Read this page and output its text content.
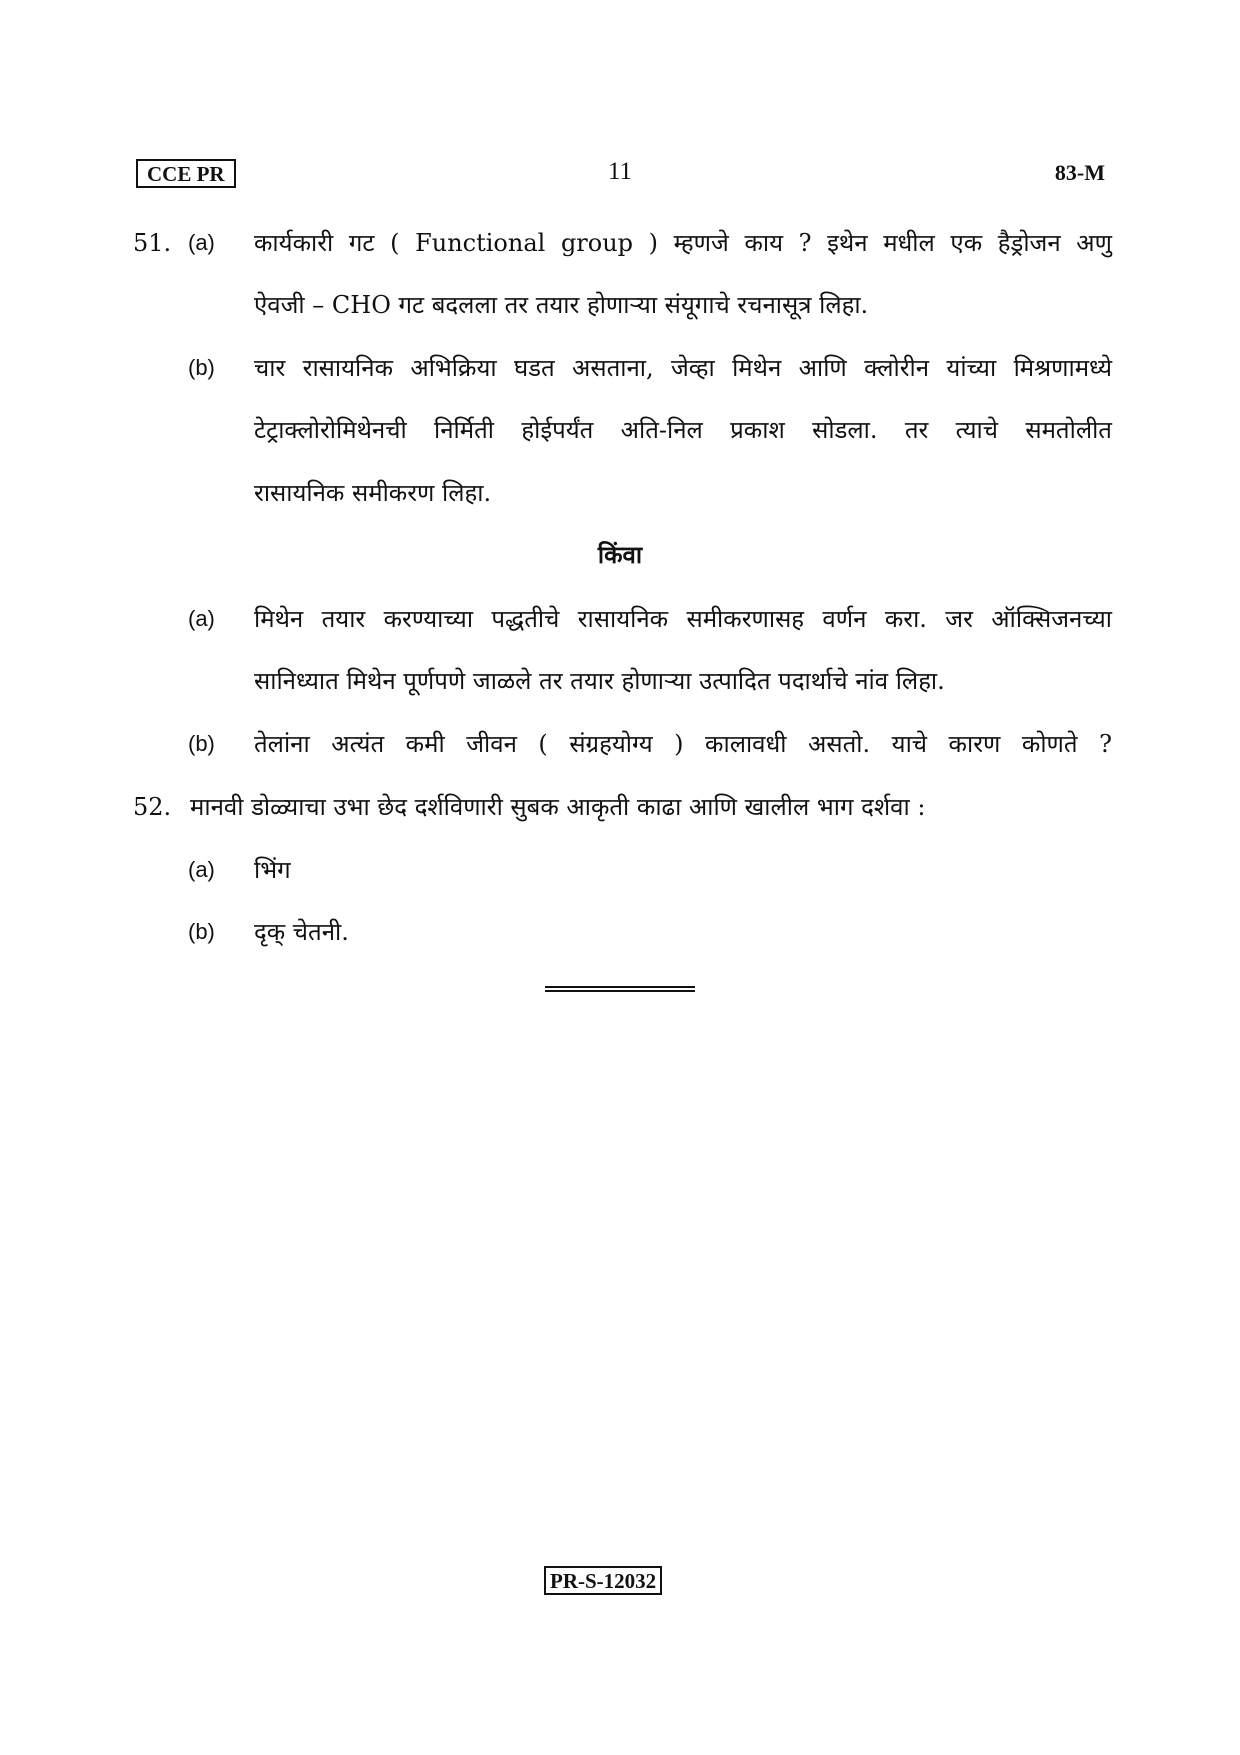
CCE PR	11	83-M
51. (a) कार्यकारी गट ( Functional group ) म्हणजे काय ? इथेन मधील एक हैड्रोजन अणु
ऐवजी – CHO गट बदलला तर तयार होणाऱ्या संयूगाचे रचनासूत्र लिहा.
(b) चार रासायनिक अभिक्रिया घडत असताना, जेव्हा मिथेन आणि क्लोरीन यांच्या मिश्रणामध्ये
टेट्राक्लोरोमिथेनची निर्मिती होईपर्यंत अति-निल प्रकाश सोडला. तर त्याचे समतोलीत
रासायनिक समीकरण लिहा.
किंवा
(a) मिथेन तयार करण्याच्या पद्धतीचे रासायनिक समीकरणासह वर्णन करा. जर ऑक्सिजनच्या
सानिध्यात मिथेन पूर्णपणे जाळले तर तयार होणाऱ्या उत्पादित पदार्थाचे नांव लिहा.
(b) तेलांना अत्यंत कमी जीवन ( संग्रहयोग्य ) कालावधी असतो. याचे कारण कोणते ?
52. मानवी डोळ्याचा उभा छेद दर्शविणारी सुबक आकृती काढा आणि खालील भाग दर्शवा :
(a) भिंग
(b) दृक् चेतनी.
PR-S-12032
